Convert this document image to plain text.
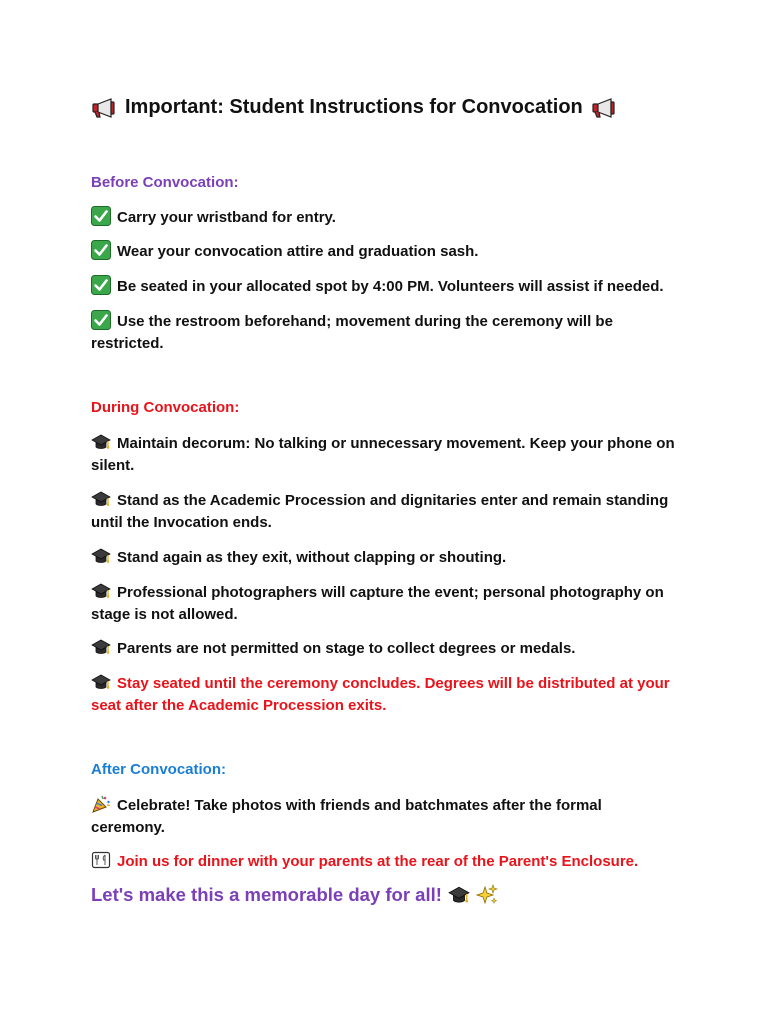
Important: Student Instructions for Convocation
Before Convocation:
Carry your wristband for entry.
Wear your convocation attire and graduation sash.
Be seated in your allocated spot by 4:00 PM. Volunteers will assist if needed.
Use the restroom beforehand; movement during the ceremony will be restricted.
During Convocation:
Maintain decorum: No talking or unnecessary movement. Keep your phone on silent.
Stand as the Academic Procession and dignitaries enter and remain standing until the Invocation ends.
Stand again as they exit, without clapping or shouting.
Professional photographers will capture the event; personal photography on stage is not allowed.
Parents are not permitted on stage to collect degrees or medals.
Stay seated until the ceremony concludes. Degrees will be distributed at your seat after the Academic Procession exits.
After Convocation:
Celebrate! Take photos with friends and batchmates after the formal ceremony.
Join us for dinner with your parents at the rear of the Parent's Enclosure.
Let's make this a memorable day for all!
